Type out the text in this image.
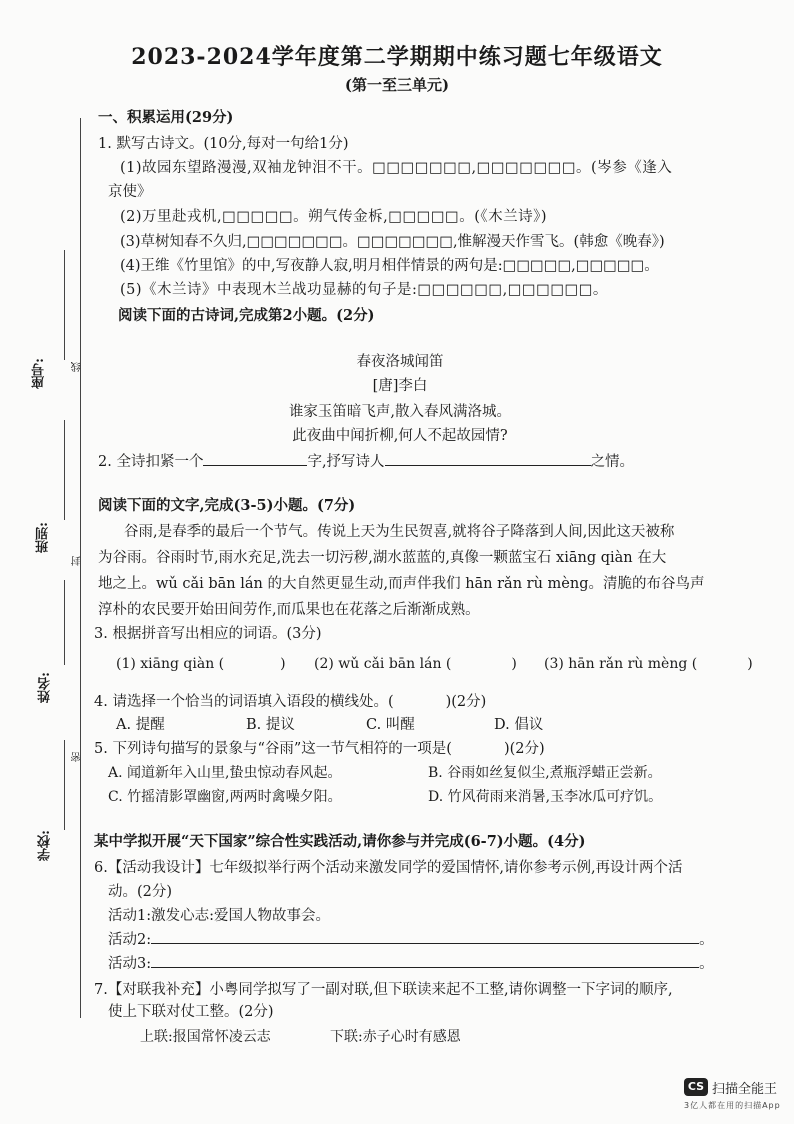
2023-2024学年度第二学期期中练习题七年级语文
(第一至三单元)
座号:	线
班别:
封
姓名:
密
学校:
一、积累运用(29分)
1. 默写古诗文。(10分,每对一句给1分)
(1)故园东望路漫漫,双袖龙钟泪不干。□□□□□□□,□□□□□□□。(岑参《逢入
京使》
(2)万里赴戎机,□□□□□。朔气传金柝,□□□□□。(《木兰诗》)
(3)草树知春不久归,□□□□□□□。□□□□□□□,惟解漫天作雪飞。(韩愈《晚春》)
(4)王维《竹里馆》的中,写夜静人寂,明月相伴情景的两句是:□□□□□,□□□□□。
(5)《木兰诗》中表现木兰战功显赫的句子是:□□□□□□,□□□□□□。
阅读下面的古诗词,完成第2小题。(2分)
春夜洛城闻笛
[唐]李白
谁家玉笛暗飞声,散入春风满洛城。
此夜曲中闻折柳,何人不起故园情?
2. 全诗扣紧一个	字,抒写诗人	之情。
阅读下面的文字,完成(3-5)小题。(7分)
谷雨,是春季的最后一个节气。传说上天为生民贺喜,就将谷子降落到人间,因此这天被称
为谷雨。谷雨时节,雨水充足,洗去一切污秽,湖水蓝蓝的,真像一颗蓝宝石 xiāng qiàn 在大
地之上。wǔ cǎi bān lán 的大自然更显生动,而声伴我们 hān rǎn rù mèng。清脆的布谷鸟声
淳朴的农民要开始田间劳作,而瓜果也在花落之后渐渐成熟。
3. 根据拼音写出相应的词语。(3分)
(1) xiāng qiàn (	) (2) wǔ cǎi bān lán (	) (3) hān rǎn rù mèng (	)
4. 请选择一个恰当的词语填入语段的横线处。(	)(2分)
A. 提醒	B. 提议	C. 叫醒	D. 倡议
5. 下列诗句描写的景象与“谷雨”这一节气相符的一项是(	)(2分)
A. 闻道新年入山里,蛰虫惊动春风起。	B. 谷雨如丝复似尘,煮瓶浮蜡正尝新。
C. 竹摇清影罩幽窗,两两时禽噪夕阳。	D. 竹风荷雨来消暑,玉李冰瓜可疗饥。
某中学拟开展“天下国家”综合性实践活动,请你参与并完成(6-7)小题。(4分)
6.【活动我设计】七年级拟举行两个活动来激发同学的爱国情怀,请你参考示例,再设计两个活
动。(2分)
活动1:激发心志:爱国人物故事会。
活动2:	。
活动3:	。
7.【对联我补充】小粤同学拟写了一副对联,但下联读来起不工整,请你调整一下字词的顺序,
使上下联对仗工整。(2分)
上联:报国常怀凌云志	下联:赤子心时有感恩
CS 扫描全能王
3亿人都在用的扫描App
